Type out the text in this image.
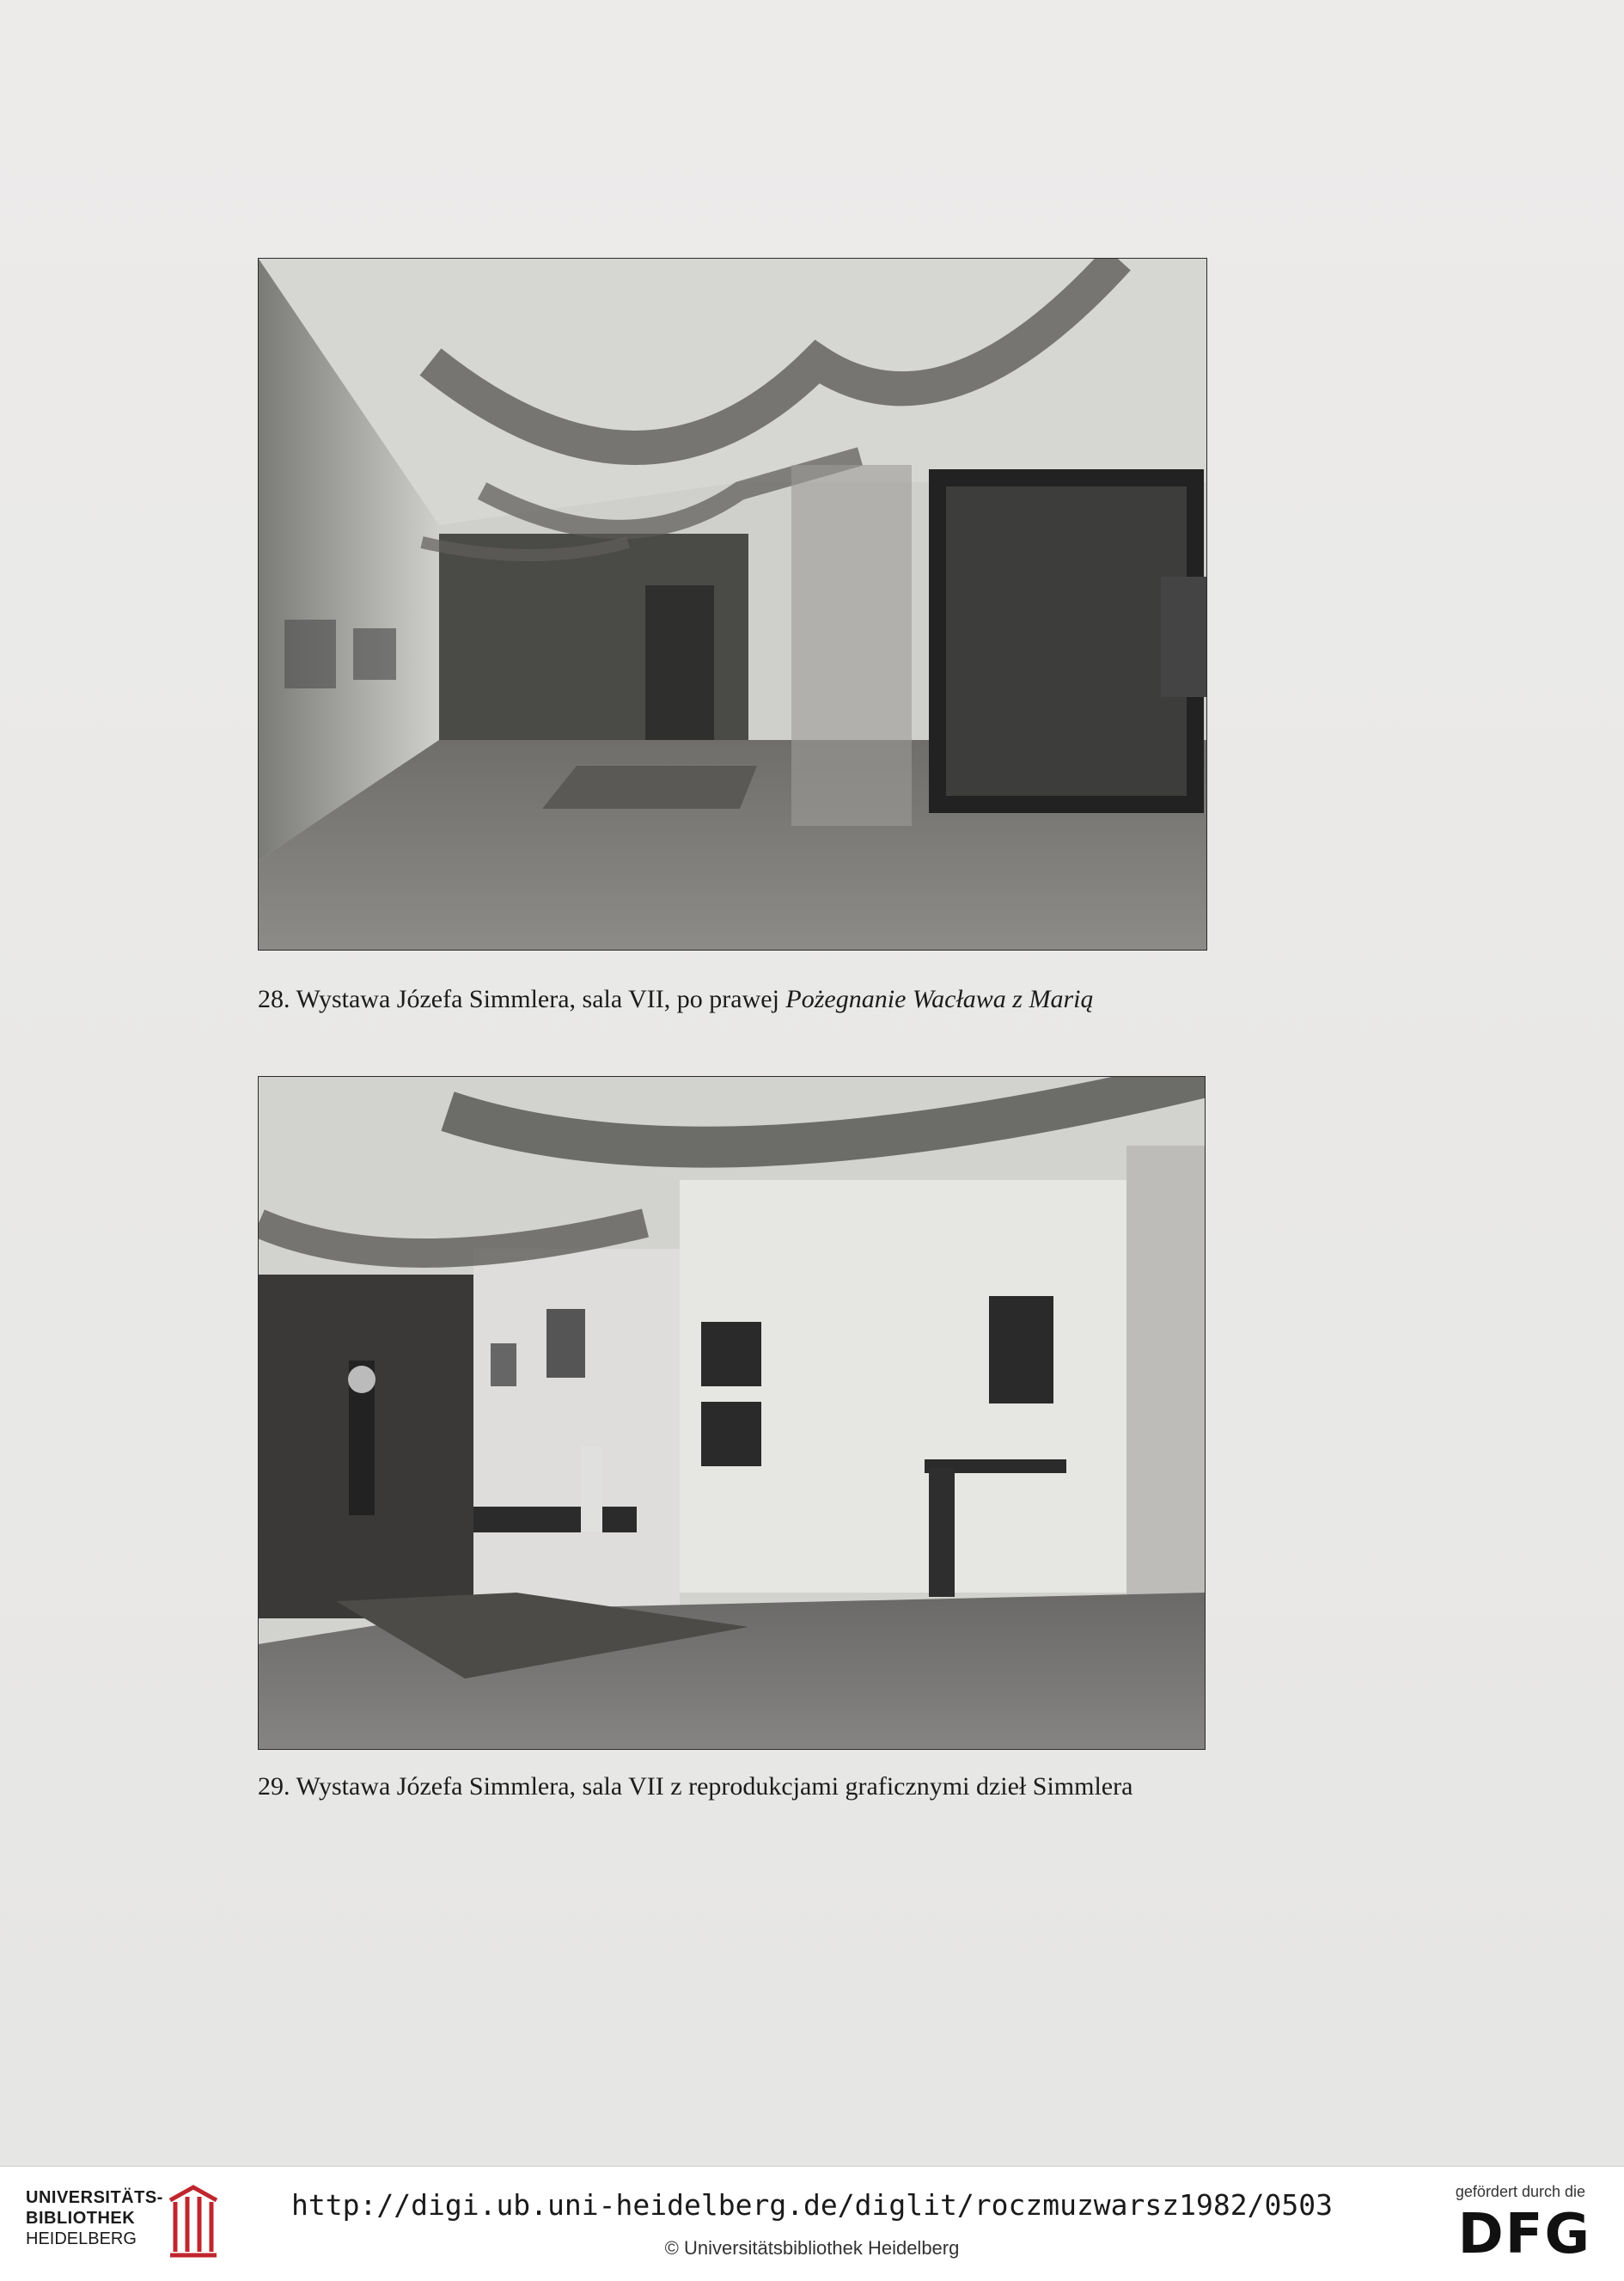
28. Wystawa Józefa Simmlera, sala VII, po prawej Pożegnanie Wacława z Marią
29. Wystawa Józefa Simmlera, sala VII z reprodukcjami graficznymi dzieł Simmlera
UNIVERSITÄTS-
BIBLIOTHEK
HEIDELBERG
http://digi.ub.uni-heidelberg.de/diglit/roczmuzwarsz1982/0503
© Universitätsbibliothek Heidelberg
gefördert durch die
DFG
